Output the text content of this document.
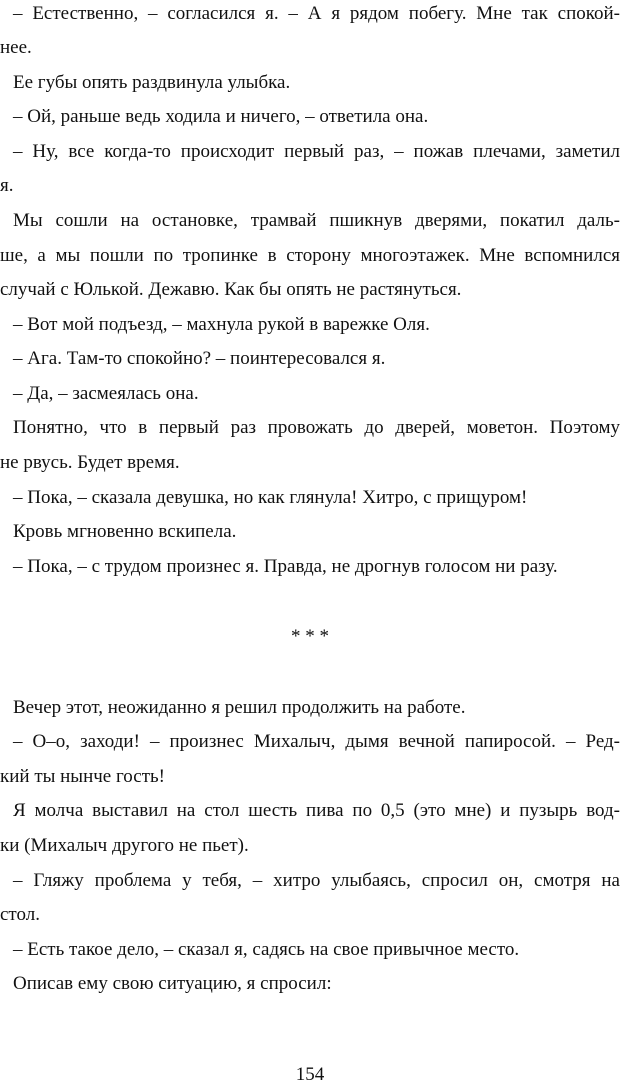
– Естественно, – согласился я. – А я рядом побегу. Мне так спокой-
нее.
Ее губы опять раздвинула улыбка.
– Ой, раньше ведь ходила и ничего, – ответила она.
– Ну, все когда-то происходит первый раз, – пожав плечами, заметил
я.
Мы сошли на остановке, трамвай пшикнув дверями, покатил даль-
ше, а мы пошли по тропинке в сторону многоэтажек. Мне вспомнился
случай с Юлькой. Дежавю. Как бы опять не растянуться.
– Вот мой подъезд, – махнула рукой в варежке Оля.
– Ага. Там-то спокойно? – поинтересовался я.
– Да, – засмеялась она.
Понятно, что в первый раз провожать до дверей, моветон. Поэтому
не рвусь. Будет время.
– Пока, – сказала девушка, но как глянула! Хитро, с прищуром!
Кровь мгновенно вскипела.
– Пока, – с трудом произнес я. Правда, не дрогнув голосом ни разу.
* * *
Вечер этот, неожиданно я решил продолжить на работе.
– О–о, заходи! – произнес Михалыч, дымя вечной папиросой. – Ред-
кий ты нынче гость!
Я молча выставил на стол шесть пива по 0,5 (это мне) и пузырь вод-
ки (Михалыч другого не пьет).
– Гляжу проблема у тебя, – хитро улыбаясь, спросил он, смотря на
стол.
– Есть такое дело, – сказал я, садясь на свое привычное место.
Описав ему свою ситуацию, я спросил:
154
